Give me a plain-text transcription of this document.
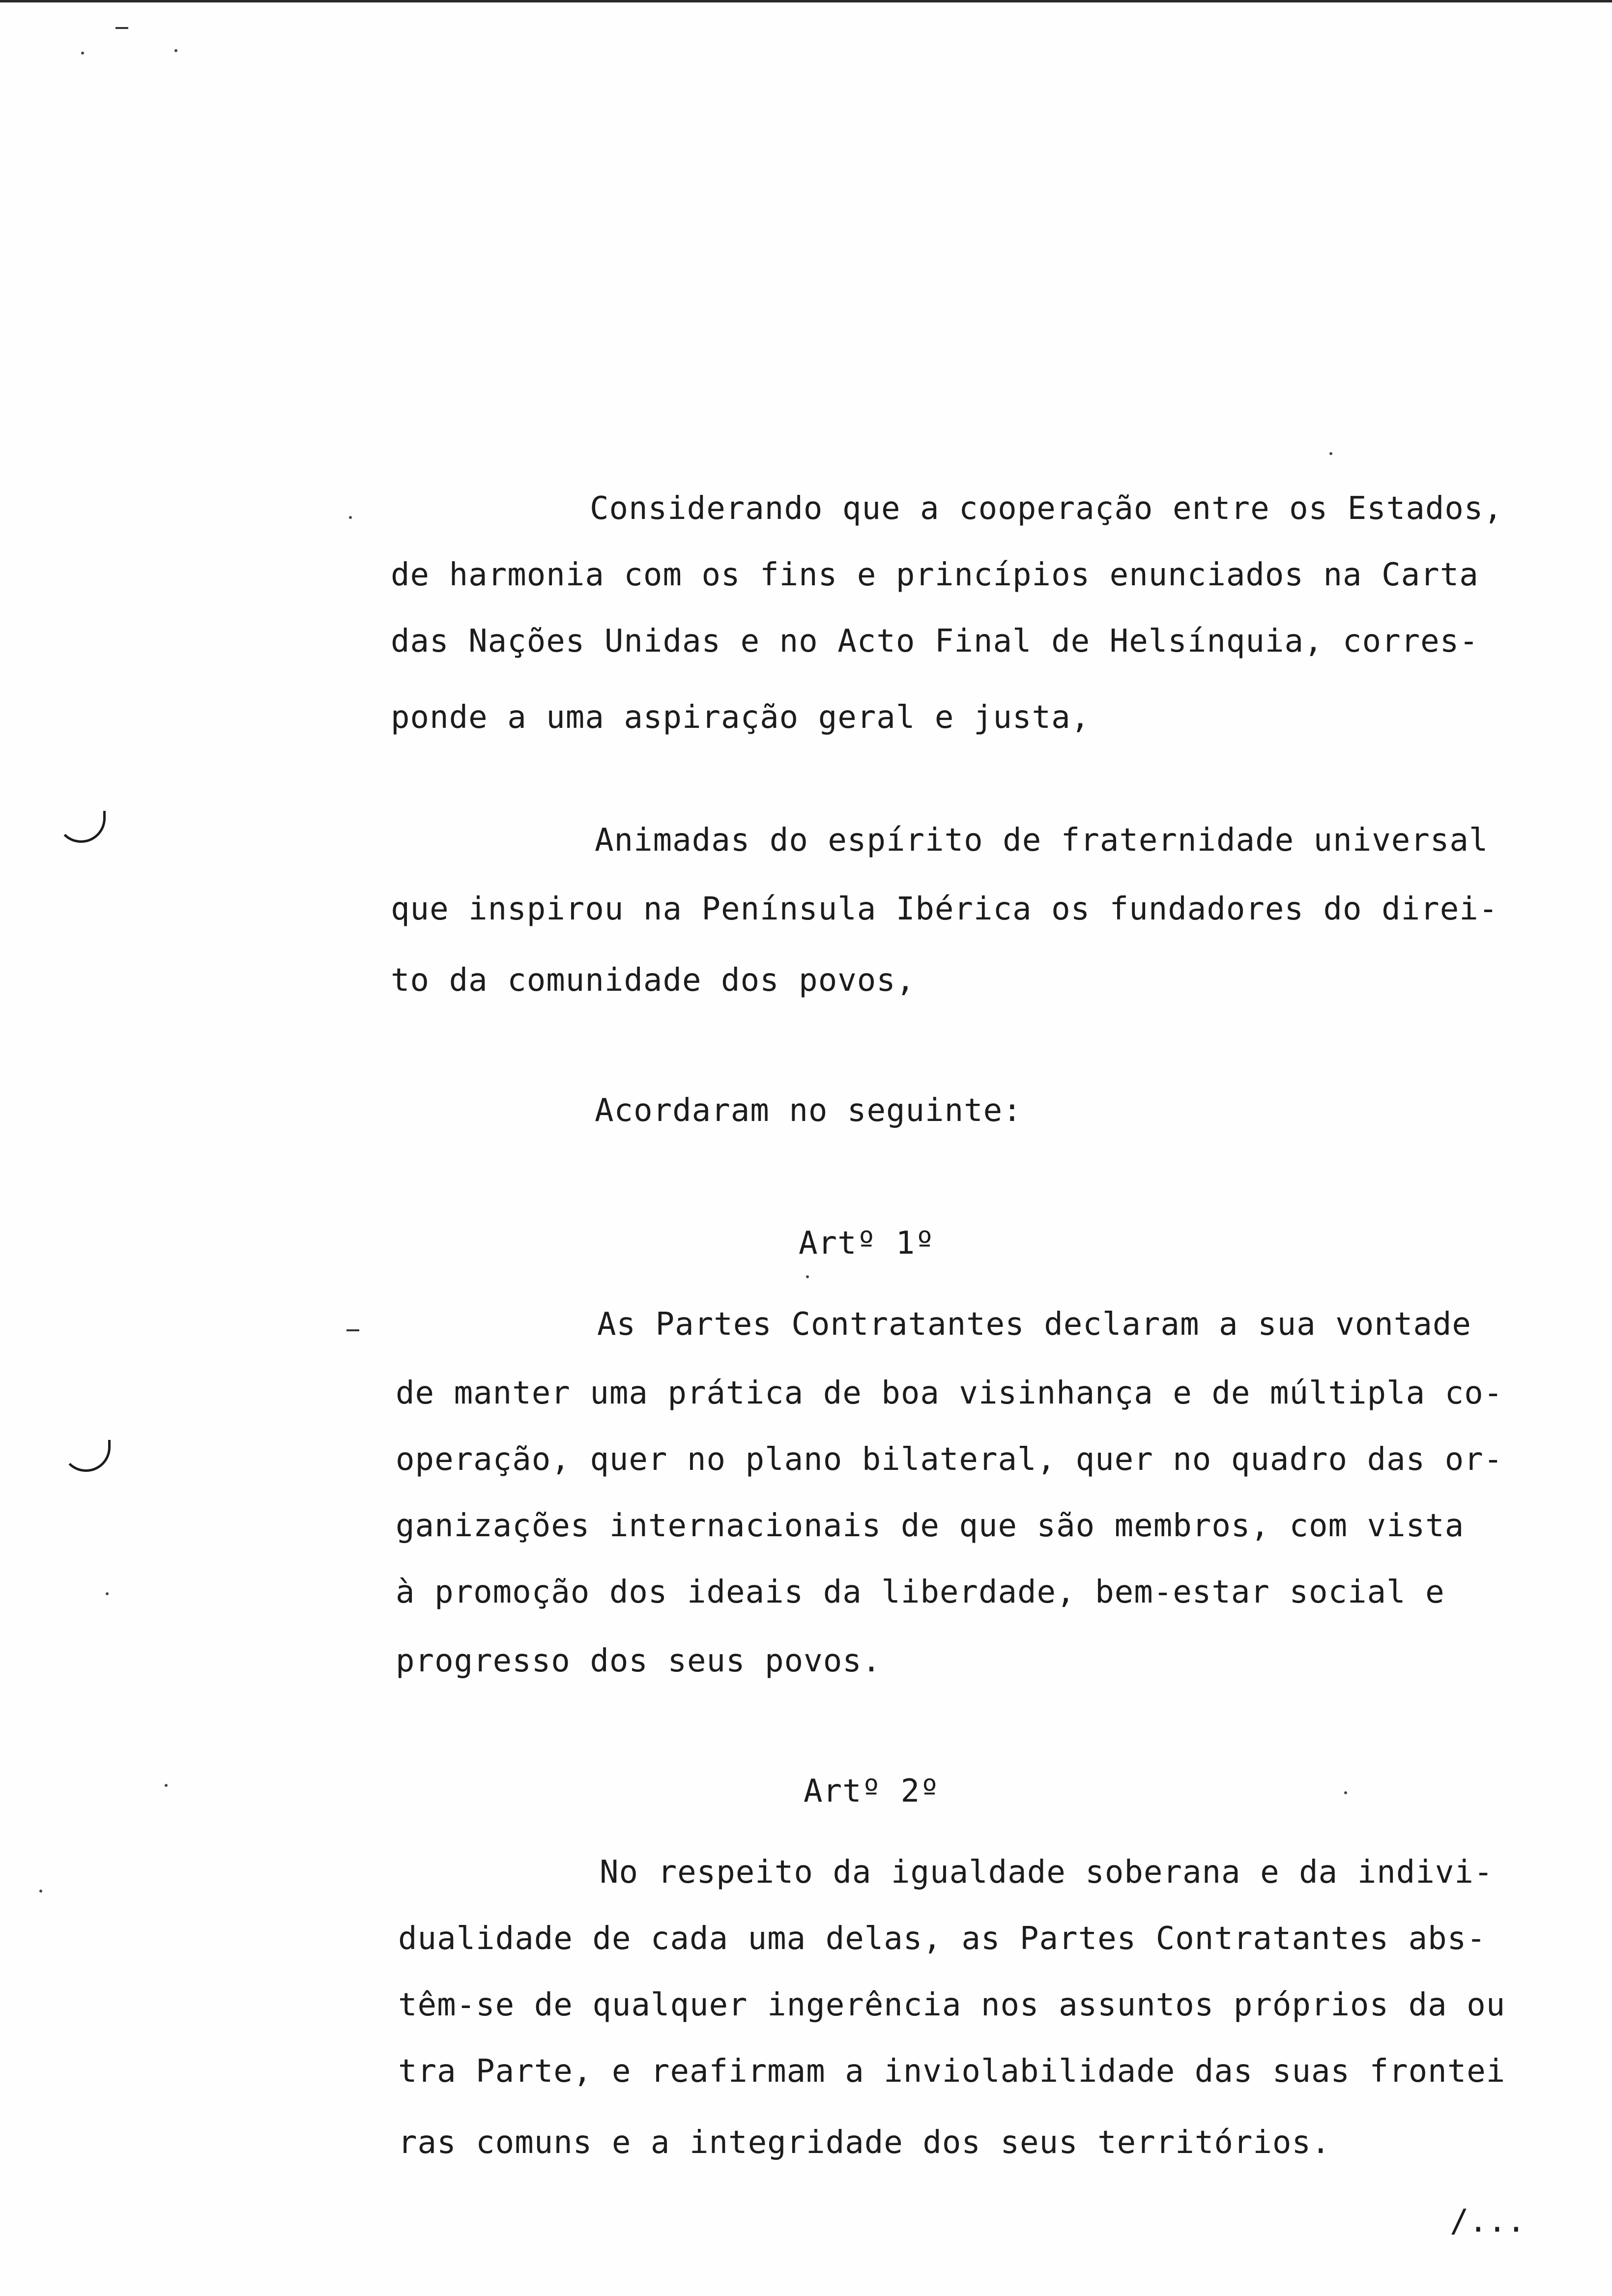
Considerando que a cooperação entre os Estados,
de harmonia com os fins e princípios enunciados na Carta
das Nações Unidas e no Acto Final de Helsínquia, corres-
ponde a uma aspiração geral e justa,
Animadas do espírito de fraternidade universal
que inspirou na Península Ibérica os fundadores do direi-
to da comunidade dos povos,
Acordaram no seguinte:
Artº 1º
As Partes Contratantes declaram a sua vontade
de manter uma prática de boa visinhança e de múltipla co-
operação, quer no plano bilateral, quer no quadro das or-
ganizações internacionais de que são membros, com vista
à promoção dos ideais da liberdade, bem-estar social e
progresso dos seus povos.
Artº 2º
No respeito da igualdade soberana e da indivi-
dualidade de cada uma delas, as Partes Contratantes abs-
têm-se de qualquer ingerência nos assuntos próprios da ou
tra Parte, e reafirmam a inviolabilidade das suas frontei
ras comuns e a integridade dos seus territórios.
/...
